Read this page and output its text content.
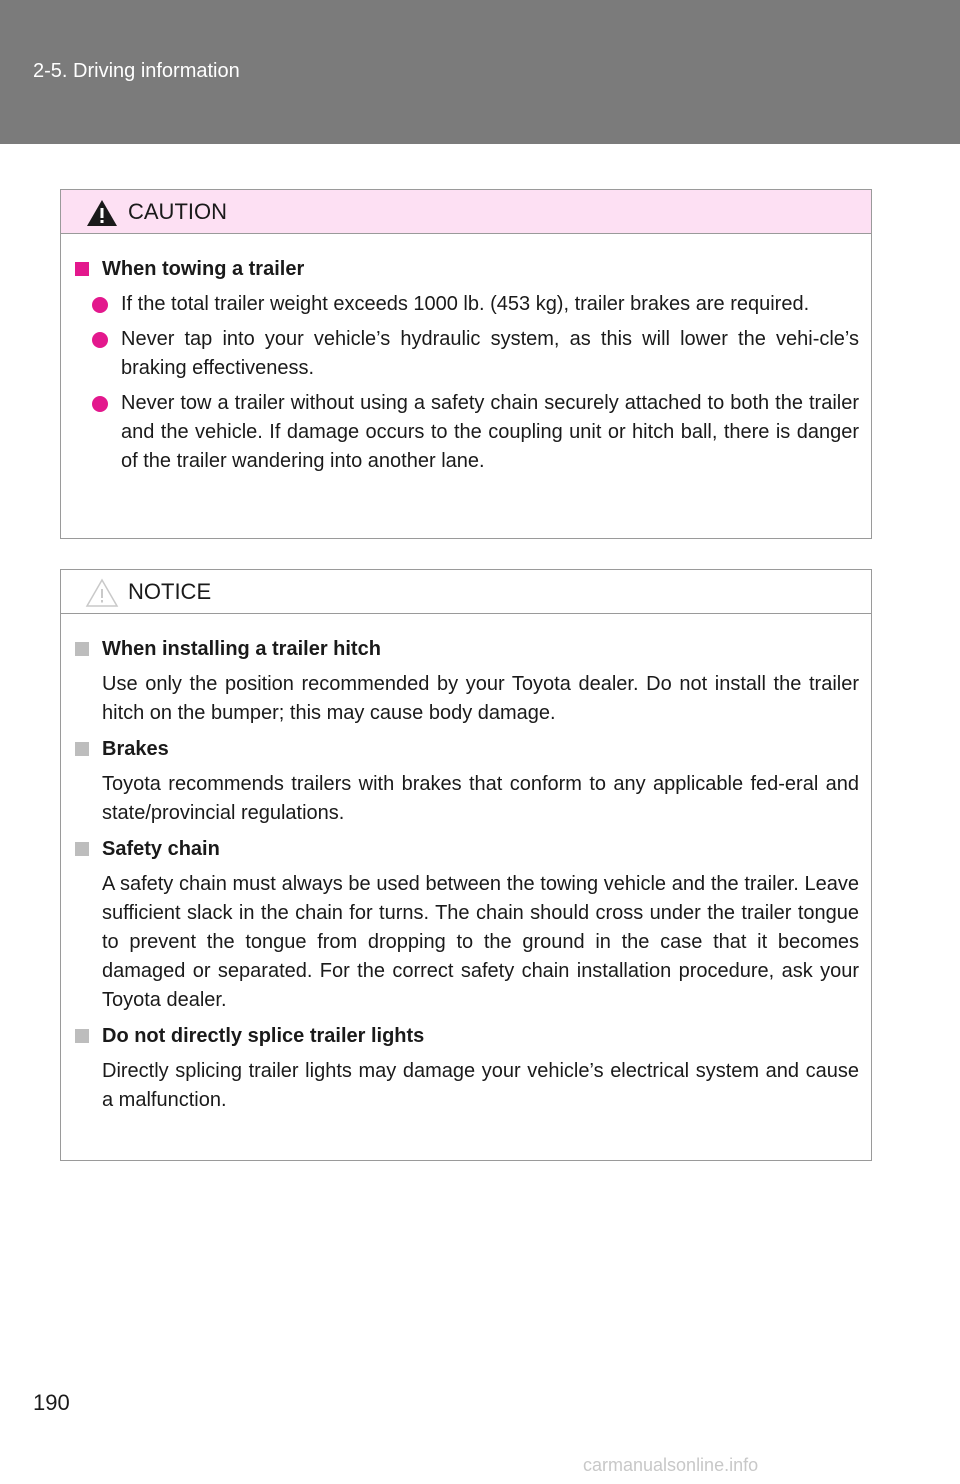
2-5. Driving information
CAUTION
When towing a trailer
If the total trailer weight exceeds 1000 lb. (453 kg), trailer brakes are required.
Never tap into your vehicle’s hydraulic system, as this will lower the vehi-cle’s braking effectiveness.
Never tow a trailer without using a safety chain securely attached to both the trailer and the vehicle. If damage occurs to the coupling unit or hitch ball, there is danger of the trailer wandering into another lane.
NOTICE
When installing a trailer hitch
Use only the position recommended by your Toyota dealer. Do not install the trailer hitch on the bumper; this may cause body damage.
Brakes
Toyota recommends trailers with brakes that conform to any applicable fed-eral and state/provincial regulations.
Safety chain
A safety chain must always be used between the towing vehicle and the trailer. Leave sufficient slack in the chain for turns. The chain should cross under the trailer tongue to prevent the tongue from dropping to the ground in the case that it becomes damaged or separated. For the correct safety chain installation procedure, ask your Toyota dealer.
Do not directly splice trailer lights
Directly splicing trailer lights may damage your vehicle’s electrical system and cause a malfunction.
190
carmanualsonline.info
